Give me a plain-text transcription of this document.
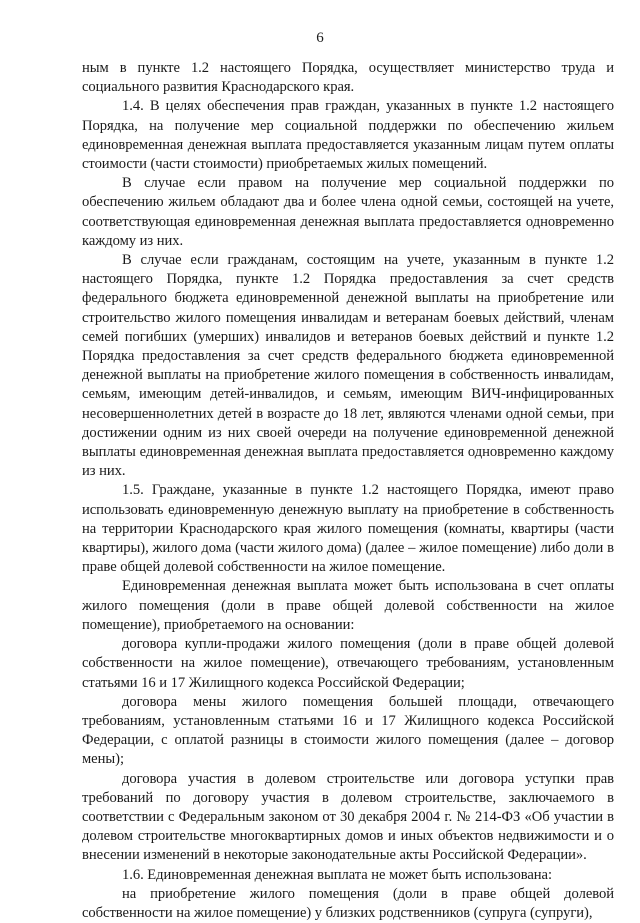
6

ным в пункте 1.2 настоящего Порядка, осуществляет министерство труда и социального развития Краснодарского края.

1.4. В целях обеспечения прав граждан, указанных в пункте 1.2 настоящего Порядка, на получение мер социальной поддержки по обеспечению жильем единовременная денежная выплата предоставляется указанным лицам путем оплаты стоимости (части стоимости) приобретаемых жилых помещений.

В случае если правом на получение мер социальной поддержки по обеспечению жильем обладают два и более члена одной семьи, состоящей на учете, соответствующая единовременная денежная выплата предоставляется одновременно каждому из них.

В случае если гражданам, состоящим на учете, указанным в пункте 1.2 настоящего Порядка, пункте 1.2 Порядка предоставления за счет средств федерального бюджета единовременной денежной выплаты на приобретение или строительство жилого помещения инвалидам и ветеранам боевых действий, членам семей погибших (умерших) инвалидов и ветеранов боевых действий и пункте 1.2 Порядка предоставления за счет средств федерального бюджета единовременной денежной выплаты на приобретение жилого помещения в собственность инвалидам, семьям, имеющим детей-инвалидов, и семьям, имеющим ВИЧ-инфицированных несовершеннолетних детей в возрасте до 18 лет, являются членами одной семьи, при достижении одним из них своей очереди на получение единовременной денежной выплаты единовременная денежная выплата предоставляется одновременно каждому из них.

1.5. Граждане, указанные в пункте 1.2 настоящего Порядка, имеют право использовать единовременную денежную выплату на приобретение в собственность на территории Краснодарского края жилого помещения (комнаты, квартиры (части квартиры), жилого дома (части жилого дома) (далее – жилое помещение) либо доли в праве общей долевой собственности на жилое помещение.

Единовременная денежная выплата может быть использована в счет оплаты жилого помещения (доли в праве общей долевой собственности на жилое помещение), приобретаемого на основании:

договора купли-продажи жилого помещения (доли в праве общей долевой собственности на жилое помещение), отвечающего требованиям, установленным статьями 16 и 17 Жилищного кодекса Российской Федерации;

договора мены жилого помещения большей площади, отвечающего требованиям, установленным статьями 16 и 17 Жилищного кодекса Российской Федерации, с оплатой разницы в стоимости жилого помещения (далее – договор мены);

договора участия в долевом строительстве или договора уступки прав требований по договору участия в долевом строительстве, заключаемого в соответствии с Федеральным законом от 30 декабря 2004 г. № 214-ФЗ «Об участии в долевом строительстве многоквартирных домов и иных объектов недвижимости и о внесении изменений в некоторые законодательные акты Российской Федерации».

1.6. Единовременная денежная выплата не может быть использована:

на приобретение жилого помещения (доли в праве общей долевой собственности на жилое помещение) у близких родственников (супруга (супруги),
